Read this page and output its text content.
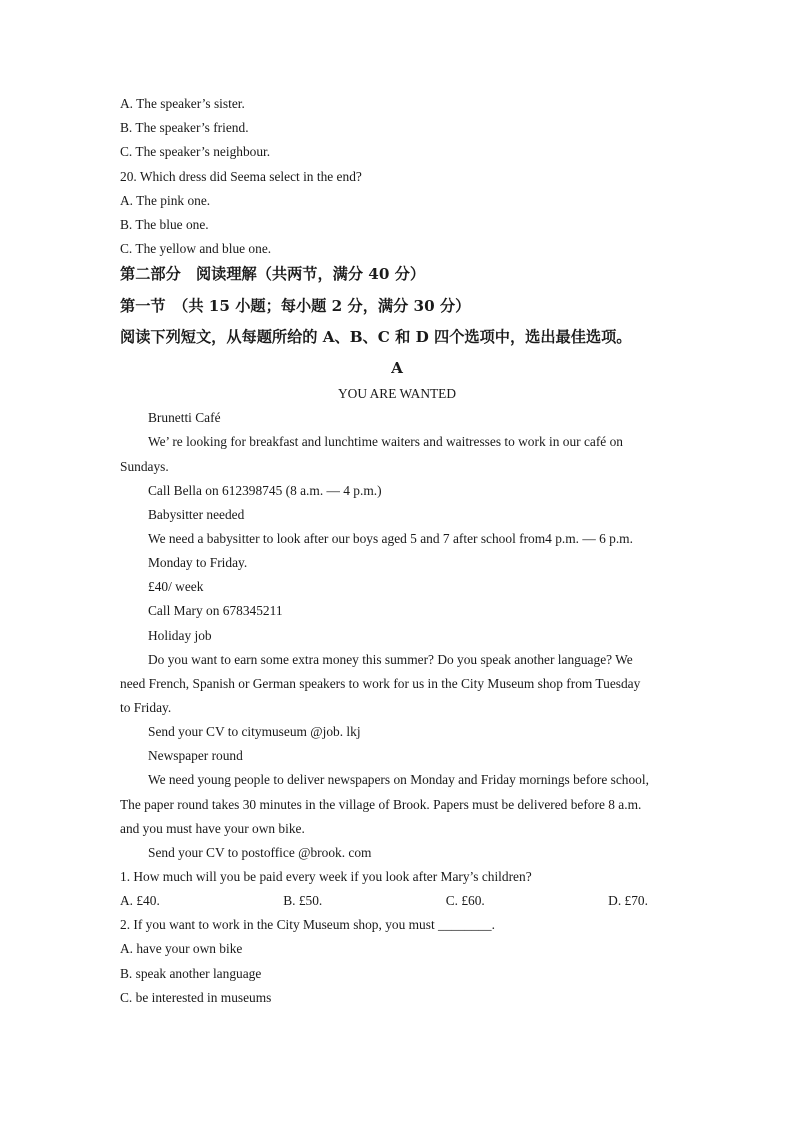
A. The speaker’s sister.
B. The speaker’s friend.
C. The speaker’s neighbour.
20. Which dress did Seema select in the end?
A. The pink one.
B. The blue one.
C. The yellow and blue one.
第二部分　阅读理解（共两节，满分 40 分）
第一节　（共 15 小题；每小题 2 分，满分 30 分）
阅读下列短文，从每题所给的 A、B、C 和 D 四个选项中，选出最佳选项。
A
YOU ARE WANTED
Brunetti Café
We’ re looking for breakfast and lunchtime waiters and waitresses to work in our café on
Sundays.
Call Bella on 612398745 (8 a.m. — 4 p.m.)
Babysitter needed
We need a babysitter to look after our boys aged 5 and 7 after school from4 p.m. — 6 p.m.
Monday to Friday.
£40/ week
Call Mary on 678345211
Holiday job
Do you want to earn some extra money this summer? Do you speak another language? We
need French, Spanish or German speakers to work for us in the City Museum shop from Tuesday
to Friday.
Send your CV to citymuseum @job. lkj
Newspaper round
We need young people to deliver newspapers on Monday and Friday mornings before school,
The paper round takes 30 minutes in the village of Brook. Papers must be delivered before 8 a.m.
and you must have your own bike.
Send your CV to postoffice @brook. com
1. How much will you be paid every week if you look after Mary’s children?
A. £40.	B. £50.	C. £60.	D. £70.
2. If you want to work in the City Museum shop, you must ________.
A. have your own bike
B. speak another language
C. be interested in museums
